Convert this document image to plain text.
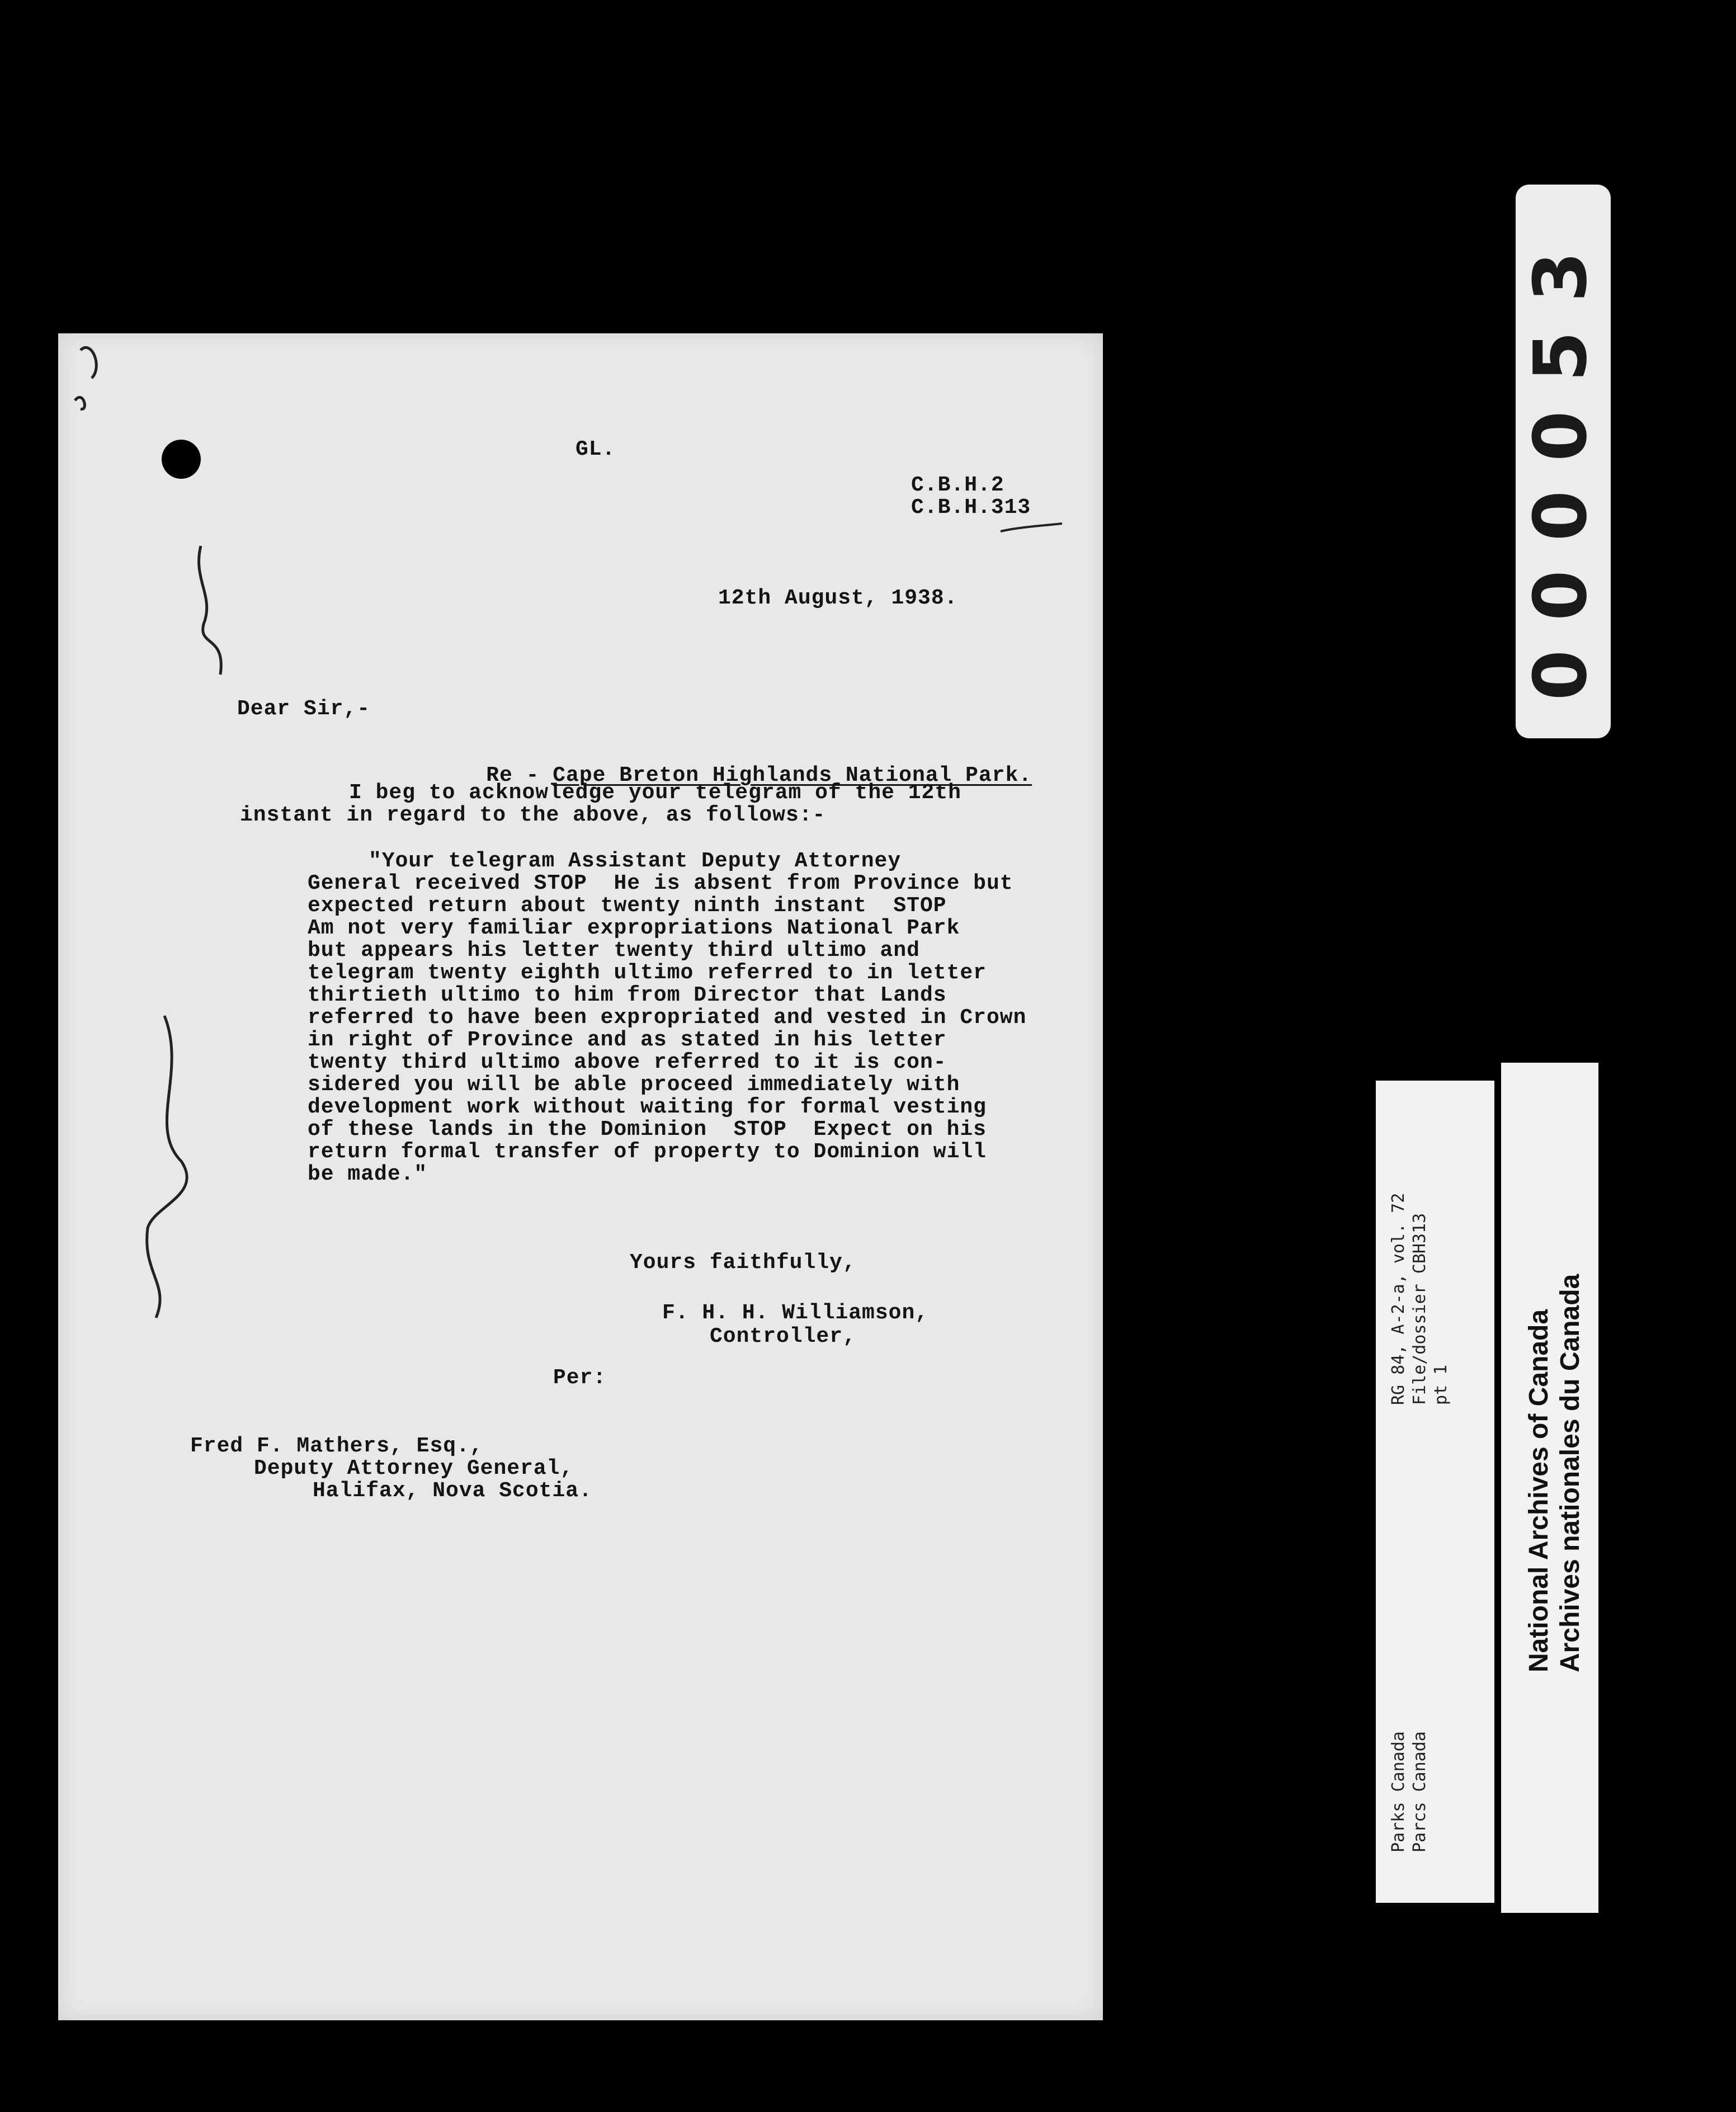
GL.
C.B.H.2
C.B.H.313
12th August, 1938.
Dear Sir,-

Re - Cape Breton Highlands National Park.

I beg to acknowledge your telegram of the 12th
instant in regard to the above, as follows:-
"Your telegram Assistant Deputy Attorney
General received STOP  He is absent from Province but
expected return about twenty ninth instant  STOP
Am not very familiar expropriations National Park
but appears his letter twenty third ultimo and
telegram twenty eighth ultimo referred to in letter
thirtieth ultimo to him from Director that Lands
referred to have been expropriated and vested in Crown
in right of Province and as stated in his letter
twenty third ultimo above referred to it is con-
sidered you will be able proceed immediately with
development work without waiting for formal vesting
of these lands in the Dominion  STOP  Expect on his
return formal transfer of property to Dominion will
be made."
Yours faithfully,
F. H. H. Williamson,
Controller,
Per:
Fred F. Mathers, Esq.,
Deputy Attorney General,
Halifax, Nova Scotia.
000053
RG 84, A-2-a, vol. 72 File/dossier CBH313 pt 1
Parks Canada Parcs Canada
National Archives of Canada Archives nationales du Canada
